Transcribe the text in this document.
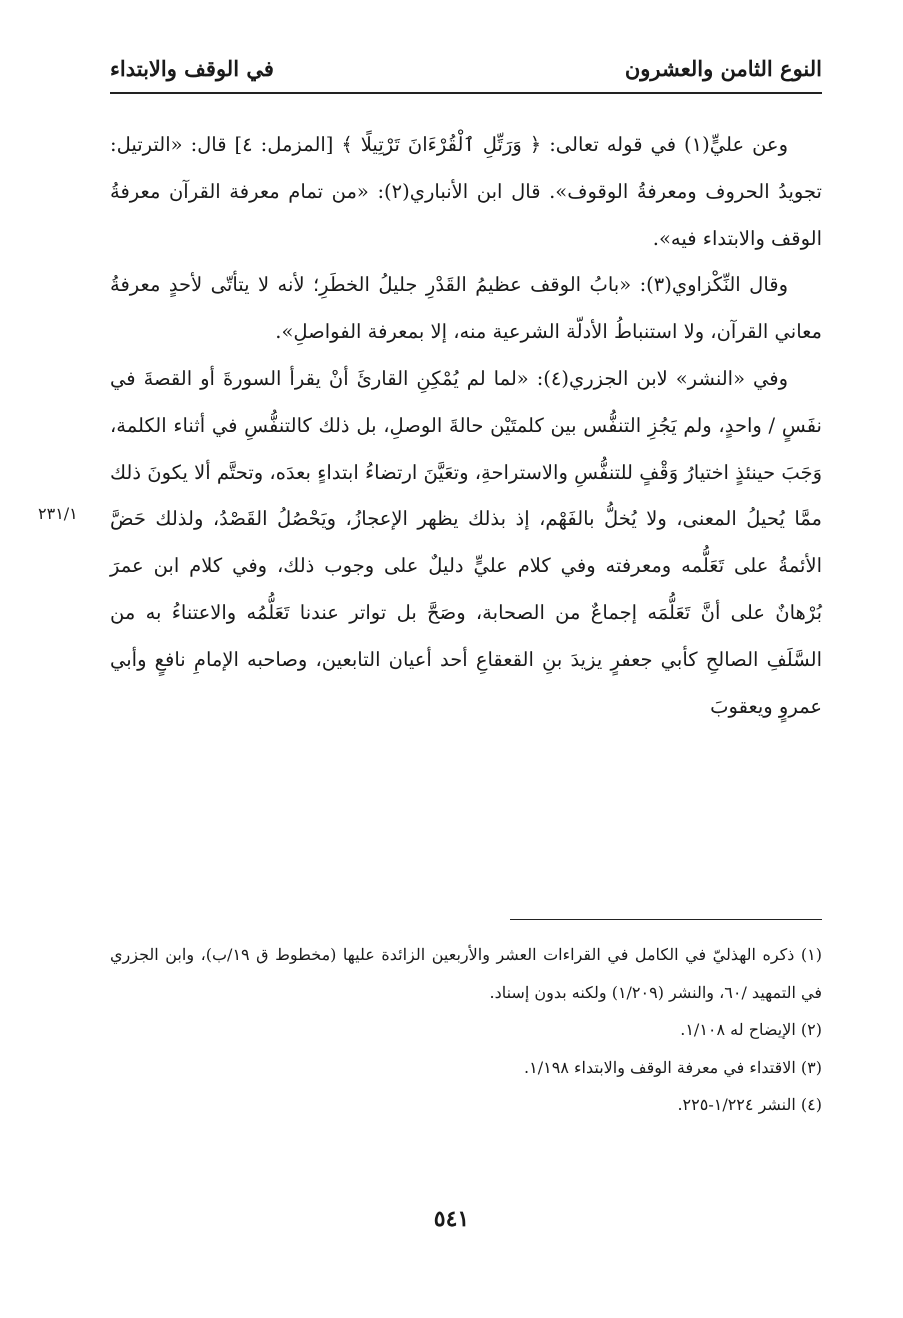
النوع الثامن والعشرون
في الوقف والابتداء
٢٣١/١

وعن عليٍّ(١) في قوله تعالى: ﴿ وَرَتِّلِ ٱلْقُرْءَانَ تَرْتِيلًا ﴾ [المزمل: ٤] قال: «الترتيل: تجويدُ الحروف ومعرفةُ الوقوف». قال ابن الأنباري(٢): «من تمام معرفة القرآن معرفةُ الوقف والابتداء فيه».

وقال النِّكْزاوي(٣): «بابُ الوقف عظيمُ القَدْرِ جليلُ الخطَرِ؛ لأنه لا يتأتّى لأحدٍ معرفةُ معاني القرآن، ولا استنباطُ الأدلّة الشرعية منه، إلا بمعرفة الفواصلِ».

وفي «النشر» لابن الجزري(٤): «لما لم يُمْكِنِ القارئَ أنْ يقرأ السورةَ أو القصةَ في نفَسٍ / واحدٍ، ولم يَجُزِ التنفُّس بين كلمتَيْن حالةَ الوصلِ، بل ذلك كالتنفُّسِ في أثناء الكلمة، وَجَبَ حينئذٍ اختيارُ وَقْفٍ للتنفُّسِ والاستراحةِ، وتعَيَّنَ ارتضاءُ ابتداءٍ بعدَه، وتحتَّم ألا يكونَ ذلك ممَّا يُحيلُ المعنى، ولا يُخلُّ بالفَهْم، إذ بذلك يظهر الإعجازُ، ويَحْصُلُ القَصْدُ، ولذلك حَضَّ الأئمةُ على تَعَلُّمه ومعرفته وفي كلام عليٍّ دليلٌ على وجوب ذلك، وفي كلام ابن عمرَ بُرْهانٌ على أنَّ تَعَلُّمَه إجماعٌ من الصحابة، وصَحَّ بل تواتر عندنا تَعَلُّمُه والاعتناءُ به من السَّلَفِ الصالحِ كأبي جعفرٍ يزيدَ بنِ القعقاعِ أحد أعيان التابعين، وصاحبه الإمامِ نافعٍ وأبي عمروٍ ويعقوبَ

(١) ذكره الهذليّ في الكامل في القراءات العشر والأربعين الزائدة عليها (مخطوط ق ١٩/ب)، وابن الجزري في التمهيد /٦٠، والنشر (١/٢٠٩) ولكنه بدون إسناد.
(٢) الإيضاح له ١/١٠٨.
(٣) الاقتداء في معرفة الوقف والابتداء ١/١٩٨.
(٤) النشر ١/٢٢٤-٢٢٥.
٥٤١
